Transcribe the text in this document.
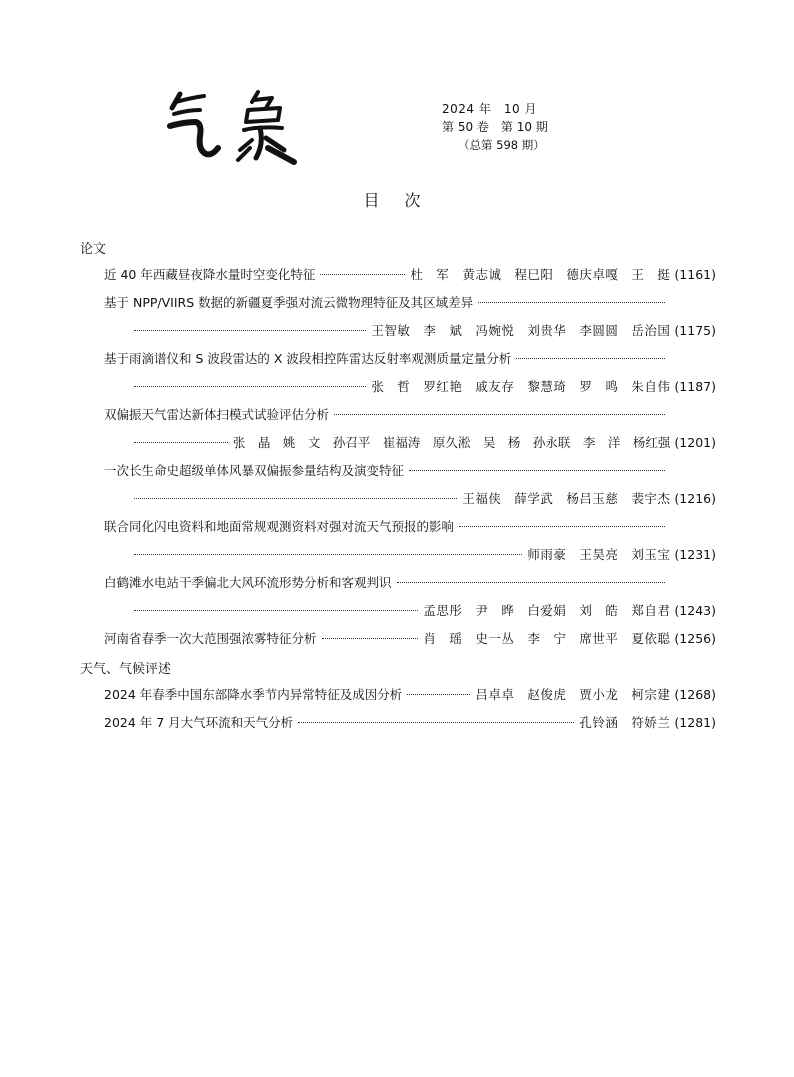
2024 年　10 月
第 50 卷　第 10 期
（总第 598 期）
目 次
论文
近 40 年西藏昼夜降水量时空变化特征	杜　军　黄志诚　程巳阳　德庆卓嘎　王　挺 (1161)
基于 NPP/VIIRS 数据的新疆夏季强对流云微物理特征及其区域差异
王智敏　李　斌　冯婉悦　刘贵华　李圆圆　岳治国 (1175)
基于雨滴谱仪和 S 波段雷达的 X 波段相控阵雷达反射率观测质量定量分析
张　哲　罗红艳　戚友存　黎慧琦　罗　鸣　朱自伟 (1187)
双偏振天气雷达新体扫模式试验评估分析
张　晶　姚　文　孙召平　崔福涛　原久淞　吴　杨　孙永联　李　洋　杨红强 (1201)
一次长生命史超级单体风暴双偏振参量结构及演变特征
王福侠　薛学武　杨吕玉慈　裴宇杰 (1216)
联合同化闪电资料和地面常规观测资料对强对流天气预报的影响
师雨豪　王昊亮　刘玉宝 (1231)
白鹤滩水电站干季偏北大风环流形势分析和客观判识
孟思彤　尹　晔　白爱娟　刘　皓　郑自君 (1243)
河南省春季一次大范围强浓雾特征分析	肖　瑶　史一丛　李　宁　席世平　夏依聪 (1256)
天气、气候评述
2024 年春季中国东部降水季节内异常特征及成因分析	吕卓卓　赵俊虎　贾小龙　柯宗建 (1268)
2024 年 7 月大气环流和天气分析	孔铃涵　符娇兰 (1281)
